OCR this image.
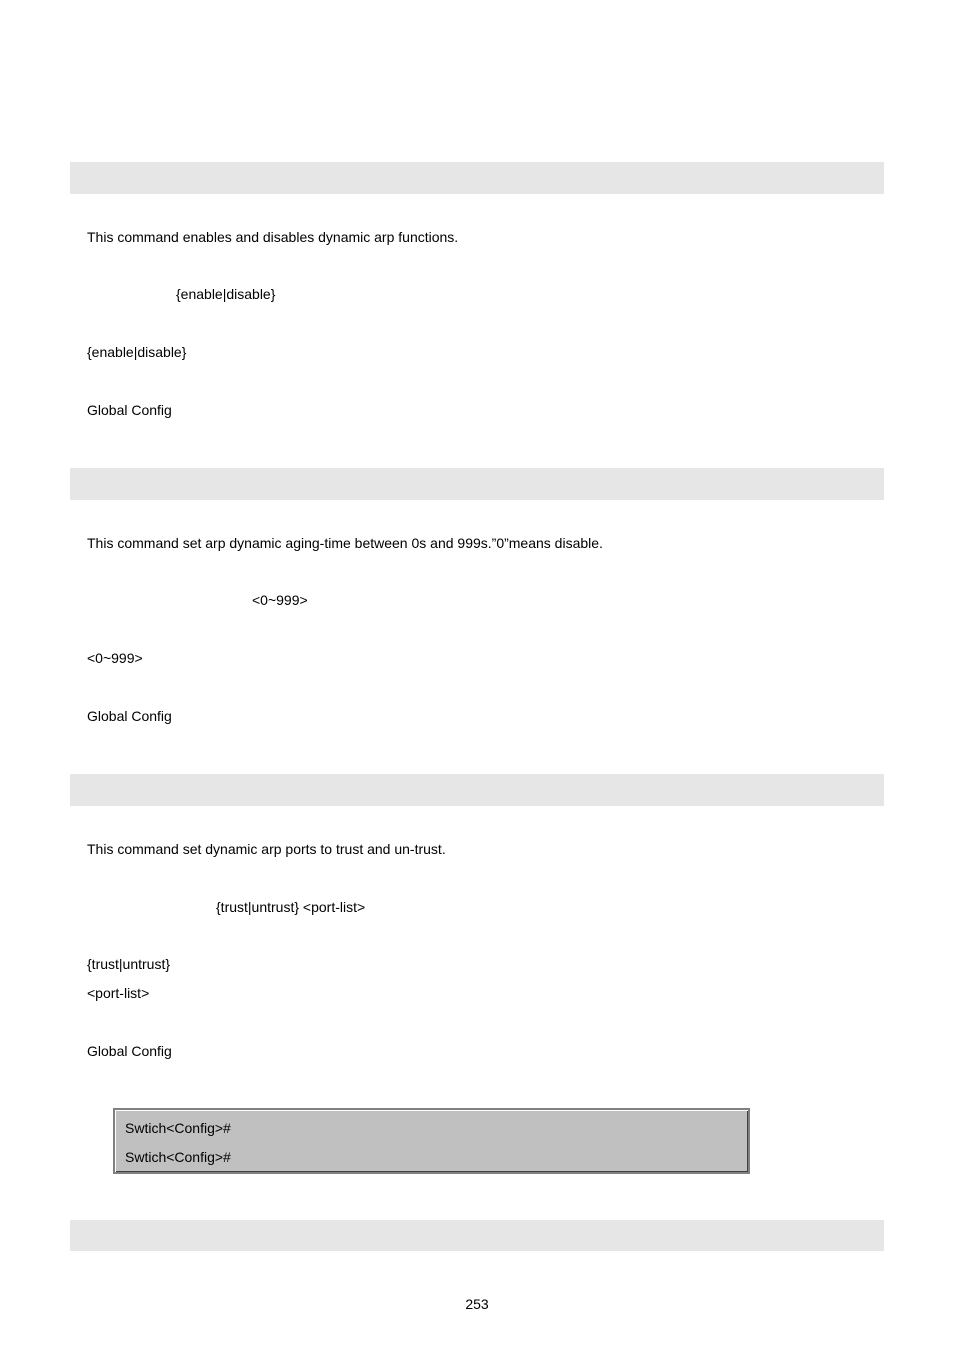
This command enables and disables dynamic arp functions.
{enable|disable}
{enable|disable}
Global Config
This command set arp dynamic aging-time between 0s and 999s.”0”means disable.
<0~999>
<0~999>
Global Config
This command set dynamic arp ports to trust and un-trust.
{trust|untrust} <port-list>
{trust|untrust}
<port-list>
Global Config
Swtich<Config>#
Swtich<Config>#
253
